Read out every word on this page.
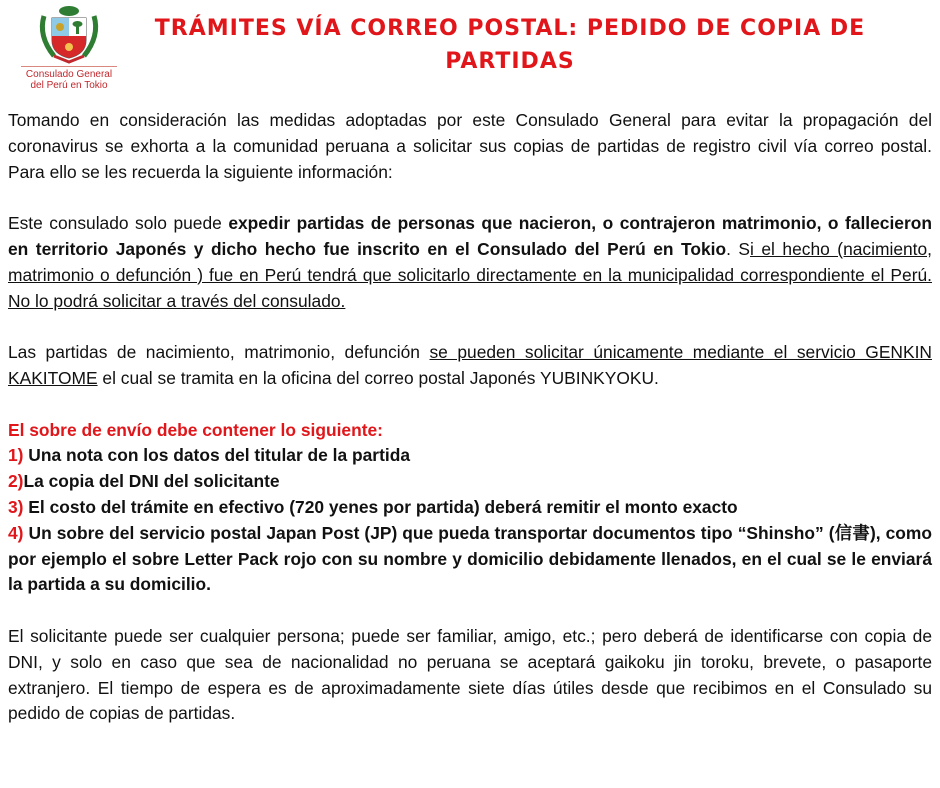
Consulado General
del Perú en Tokio
TRÁMITES VÍA CORREO POSTAL: PEDIDO DE COPIA DE
PARTIDAS

Tomando en consideración las medidas adoptadas por este Consulado General para evitar la propagación del coronavirus se exhorta a la comunidad peruana a solicitar sus copias de partidas de registro civil vía correo postal. Para ello se les recuerda la siguiente información:

Este consulado solo puede expedir partidas de personas que nacieron, o contrajeron matrimonio, o fallecieron en territorio Japonés y dicho hecho fue inscrito en el Consulado del Perú en Tokio. Si el hecho (nacimiento, matrimonio o defunción ) fue en Perú tendrá que solicitarlo directamente en la municipalidad correspondiente el Perú. No lo podrá solicitar a través del consulado.

Las partidas de nacimiento, matrimonio, defunción se pueden solicitar únicamente mediante el servicio GENKIN KAKITOME el cual se tramita en la oficina del correo postal Japonés YUBINKYOKU.

El sobre de envío debe contener lo siguiente:

1) Una nota con los datos del titular de la partida

2)La copia del DNI del solicitante

3) El costo del trámite en efectivo (720 yenes por partida) deberá remitir el monto exacto

4) Un sobre del servicio postal Japan Post (JP) que pueda transportar documentos tipo “Shinsho” (信書), como por ejemplo el sobre Letter Pack rojo con su nombre y domicilio debidamente llenados, en el cual se le enviará la partida a su domicilio.

El solicitante puede ser cualquier persona; puede ser familiar, amigo, etc.; pero deberá de identificarse con copia de DNI, y solo en caso que sea de nacionalidad no peruana se aceptará gaikoku jin toroku, brevete, o pasaporte extranjero. El tiempo de espera es de aproximadamente siete días útiles desde que recibimos en el Consulado su pedido de copias de partidas.
